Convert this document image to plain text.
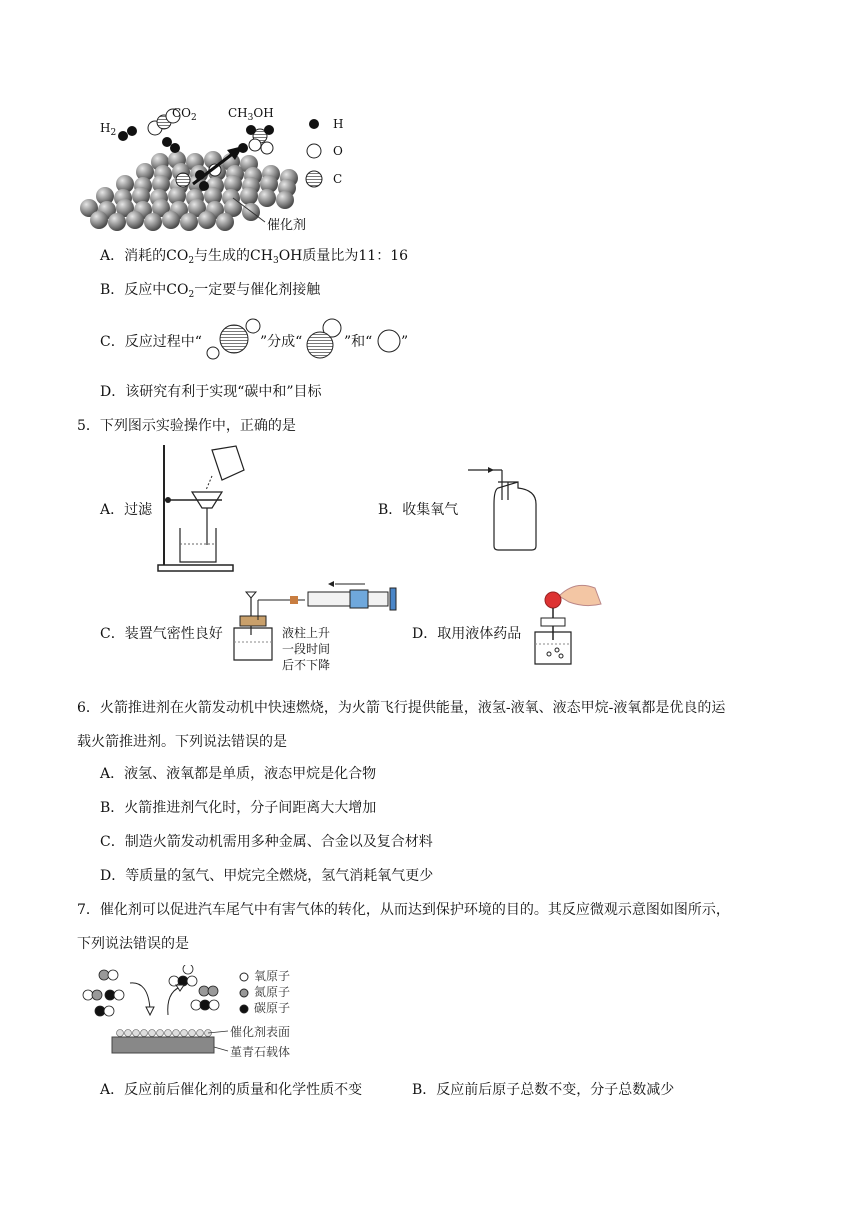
$H_2$
$CO_2$	$CH_3OH$
H
O
C
催化剂
A．消耗的$CO_2$与生成的$CH_3OH$质量比为11：16
B．反应中$CO_2$一定要与催化剂接触
C．反应过程中“	”分成“	”和“ ”
D．该研究有利于实现“碳中和”目标
5．下列图示实验操作中，正确的是
A．过滤	B．收集氧气
液柱上升
一段时间
后不下降
C．装置气密性良好	D．取用液体药品
6．火箭推进剂在火箭发动机中快速燃烧，为火箭飞行提供能量，液氢-液氧、液态甲烷-液氧都是优良的运
载火箭推进剂。下列说法错误的是
A．液氢、液氧都是单质，液态甲烷是化合物
B．火箭推进剂气化时，分子间距离大大增加
C．制造火箭发动机需用多种金属、合金以及复合材料
D．等质量的氢气、甲烷完全燃烧，氢气消耗氧气更少
7．催化剂可以促进汽车尾气中有害气体的转化，从而达到保护环境的目的。其反应微观示意图如图所示，
下列说法错误的是
氧原子
氮原子
碳原子
催化剂表面
堇青石载体
A．反应前后催化剂的质量和化学性质不变	B．反应前后原子总数不变，分子总数减少
